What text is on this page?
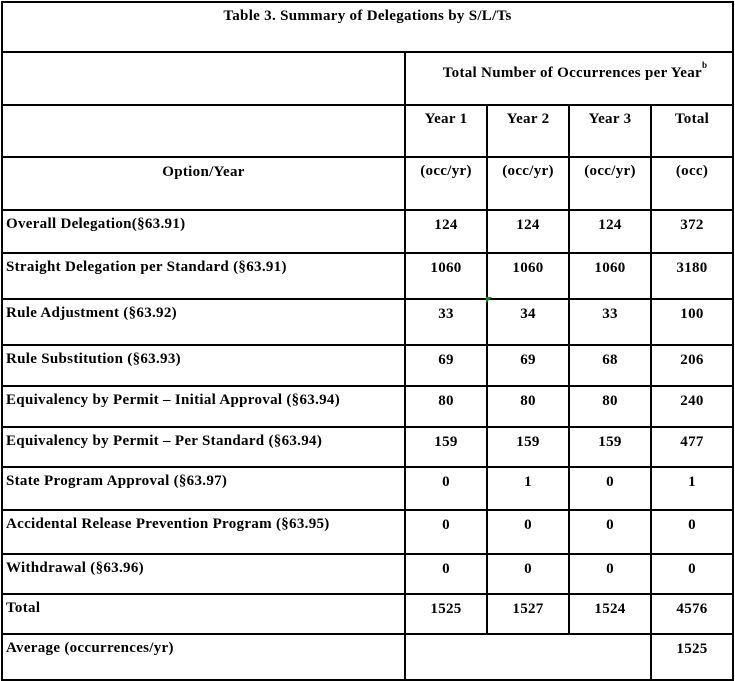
Table 3. Summary of Delegations by S/L/Ts				
	Total Number of Occurrences per Year$^b$
	Year 1	Year 2	Year 3	Total
Option/Year	(occ/yr)	(occ/yr)	(occ/yr)	(occ)
Overall Delegation(§63.91)	124	124	124	372
Straight Delegation per Standard (§63.91)	1060	1060	1060	3180
Rule Adjustment (§63.92)	33	34	33	100
Rule Substitution (§63.93)	69	69	68	206
Equivalency by Permit – Initial Approval (§63.94)	80	80	80	240
Equivalency by Permit – Per Standard (§63.94)	159	159	159	477
State Program Approval (§63.97)	0	1	0	1
Accidental Release Prevention Program (§63.95)	0	0	0	0
Withdrawal (§63.96)	0	0	0	0
Total	1525	1527	1524	4576
Average (occurrences/yr)				1525
